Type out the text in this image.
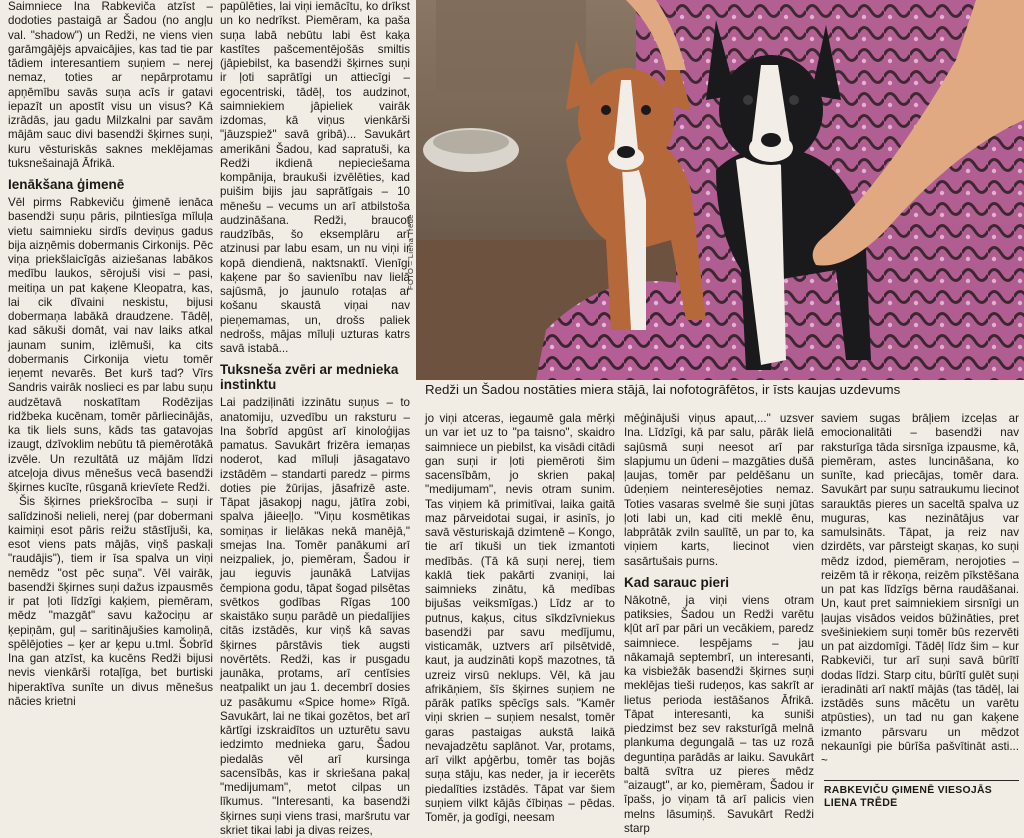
Saimniece Ina Rabkeviča atzīst – dodoties pastaigā ar Šadou (no angļu val. "shadow") un Redži, ne viens vien garāmgājējs apvaicājies, kas tad tie par tādiem interesantiem suņiem – nerej nemaz, toties ar nepārprotamu apņēmību savās suņa acīs ir gatavi iepazīt un apostīt visu un visus? Kā izrādās, jau gadu Milzkalni par savām mājām sauc divi basendži šķirnes suņi, kuru vēsturiskās saknes meklējamas tuksnešainajā Āfrikā.

Ienākšana ģimenē

Vēl pirms Rabkeviču ģimenē ienāca basendži suņu pāris, pilntiesīga mīluļa vietu saimnieku sirdīs deviņus gadus bija aizņēmis dobermanis Cirkonijs. Pēc viņa priekšlaicīgās aiziešanas labākos medību laukos, sērojuši visi – pasi, meitiņa un pat kaķene Kleopatra, kas, lai cik dīvaini neskistu, bijusi dobermaņa labākā draudzene. Tādēļ, kad sākuši domāt, vai nav laiks atkal jaunam sunim, izlēmuši, ka cits dobermanis Cirkonija vietu tomēr ieņemt nevarēs. Bet kurš tad? Vīrs Sandris vairāk noslieci es par labu suņu audzētavā noskatītam Rodēzijas ridžbeka kucēnam, tomēr pārliecinājās, ka tik liels suns, kāds tas gatavojas izaugt, dzīvoklim nebūtu tā piemērotākā izvēle. Un rezultātā uz mājām līdzi atceļoja divus mēnešus vecā basendži šķirnes kucīte, rūsganā krievīete Redži.

Šis šķirnes priekšrocība – suņi ir salīdzinoši nelieli, nerej (par dobermani kaimiņi esot pāris reižu stāstījuši, ka, esot viens pats mājās, viņš paskaļi "raudājis"), tiem ir īsa spalva un viņi nemēdz "ost pēc suņa". Vēl vairāk, basendži šķirnes suņi dažus izpausmēs ir pat ļoti līdzīgi kaķiem, piemēram, mēdz "mazgāt" savu kažociņu ar ķepiņām, guļ – saritinājušies kamoliņā, spēlējoties – ķer ar ķepu u.tml. Šobrīd Ina gan atzīst, ka kucēns Redži bijusi nevis vienkārši rotaļīga, bet burtiski hiperaktīva sunīte un divus mēnešus nācies krietni

papūlēties, lai viņi iemācītu, ko drīkst un ko nedrīkst. Piemēram, ka paša suņa labā nebūtu labi ēst kaķa kastītes pašcementējošās smiltis (jāpiebilst, ka basendži šķirnes suņi ir ļoti saprātīgi un attiecīgi – egocentriski, tādēļ, tos audzinot, saimniekiem jāpieliek vairāk izdomas, kā viņus vienkārši "jāuzspiež" savā gribā)... Savukārt amerikāni Šadou, kad sapratuši, ka Redži ikdienā nepieciešama kompānija, braukuši izvēlēties, kad puišim bijis jau saprātīgais – 10 mēnešu – vecums un arī atbilstoša audzināšana. Redži, braucot raudzībās, šo eksemplāru arī atzinusi par labu esam, un nu viņi ir kopā diendienā, naktsnaktī. Vienīgi kaķene par šo savienību nav lielā sajūsmā, jo jaunulo rotaļas ar košanu skaustā viņai nav pieņemamas, un, drošs paliek nedrošs, mājas mīluļi uzturas katrs savā istabā...

Tuksneša zvēri ar mednieka instinktu

Lai padziļināti izzinātu suņus – to anatomiju, uzvedību un raksturu – Ina šobrīd apgūst arī kinoloģijas pamatus. Savukārt frizēra iemaņas noderot, kad mīluļi jāsagatavo izstādēm – standarti paredz – pirms doties pie žūrijas, jāsafrizē aste. Tāpat jāsakopj nagu, jātīra zobi, spalva jāieeļļo. "Viņu kosmētikas somiņas ir lielākas nekā manējā," smejas Ina. Tomēr panākumi arī neizpaliek, jo, piemēram, Šadou ir jau ieguvis jaunākā Latvijas čempiona godu, tāpat šogad pilsētas svētkos godības Rīgas 100 skaistāko suņu parādē un piedalījies citās izstādēs, kur viņš kā savas šķirnes pārstāvis tiek augsti novērtēts. Redži, kas ir pusgadu jaunāka, protams, arī centīsies neatpalikt un jau 1. decembrī dosies uz pasākumu «Spice home» Rīgā. Savukārt, lai ne tikai gozētos, bet arī kārtīgi izskraidītos un uzturētu savu iedzimto mednieka garu, Šadou piedalās vēl arī kursinga sacensībās, kas ir skriešana pakaļ "medijumam", metot cilpas un līkumus. "Interesanti, ka basendži šķirnes suņi viens trasi, maršrutu var skriet tikai labi ja divas reizes,

FOTO – Liena Trēde
Redži un Šadou nostāties miera stājā, lai nofotogrāfētos, ir īsts kaujas uzdevums

jo viņi atceras, iegaumē gala mērķi un var iet uz to "pa taisno", skaidro saimniece un piebilst, ka visādi citādi gan suņi ir ļoti piemēroti šim sacensībām, jo skrien pakaļ "medijumam", nevis otram sunim. Tas viņiem kā primitīvai, laika gaitā maz pārveidotai sugai, ir asinīs, jo savā vēsturiskajā dzimtenē – Kongo, tie arī tikuši un tiek izmantoti medībās. (Tā kā suņi nerej, tiem kaklā tiek pakārti zvaniņi, lai saimnieks zinātu, kā medības bijušas veiksmīgas.) Līdz ar to putnus, kaķus, citus sīkdzīvniekus basendži par savu medījumu, visticamāk, uztvers arī pilsētvidē, kaut, ja audzināti kopš mazotnes, tā uzreiz virsū neklups. Vēl, kā jau afrikāņiem, šīs šķirnes suņiem ne pārāk patīks spēcīgs sals. "Kamēr viņi skrien – suņiem nesalst, tomēr garas pastaigas aukstā laikā nevajadzētu saplānot. Var, protams, arī vilkt apģērbu, tomēr tas bojās suņa stāju, kas neder, ja ir iecerēts piedalīties izstādēs. Tāpat var šiem suņiem vilkt kājās čībiņas – pēdas. Tomēr, ja godīgi, neesam

mēģinājuši viņus apaut,..." uzsver Ina. Līdzīgi, kā par salu, pārāk lielā sajūsmā suņi neesot arī par slapjumu un ūdeni – mazgāties dušā ļaujas, tomēr par peldēšanu un ūdeņiem neinteresējoties nemaz. Toties vasaras svelmē šie suņi jūtas ļoti labi un, kad citi meklē ēnu, labprātāk zviln saulītē, un par to, ka viņiem karts, liecinot vien sasārtušais purns.

Kad sarauc pieri

Nākotnē, ja viņi viens otram patiksies, Šadou un Redži varētu kļūt arī par pāri un vecākiem, paredz saimniece. Iespējams – jau nākamajā septembrī, un interesanti, ka visbiežāk basendži šķirnes suņi meklējas tieši rudeņos, kas sakrīt ar lietus perioda iestāšanos Āfrikā. Tāpat interesanti, ka suniši piedzimst bez sev raksturīgā melnā plankuma degungalā – tas uz rozā deguntiņa parādās ar laiku. Savukārt baltā svītra uz pieres mēdz "aizaugt", ar ko, piemēram, Šadou ir īpašs, jo viņam tā arī palicis vien melns lāsumiņš. Savukārt Redži starp

saviem sugas brāļiem izceļas ar emocionalitāti – basendži nav raksturīga tāda sirsnīga izpausme, kā, piemēram, astes luncināšana, ko sunīte, kad priecājas, tomēr dara. Savukārt par suņu satraukumu liecinot sarauktās pieres un saceltā spalva uz muguras, kas nezinātājus var samulsināts. Tāpat, ja reiz nav dzirdēts, var pārsteigt skaņas, ko suņi mēdz izdod, piemēram, nerojoties – reizēm tā ir rēkoņa, reizēm pīkstēšana un pat kas līdzīgs bērna raudāšanai. Un, kaut pret saimniekiem sirsnīgi un ļaujas visādos veidos būžināties, pret svešiniekiem suņi tomēr būs rezervēti un pat aizdomīgi. Tādēļ līdz šim – kur Rabkeviči, tur arī suņi savā būrītī dodas līdzi. Starp citu, būrītī gulēt suņi ieradināti arī naktī mājās (tas tādēļ, lai izstādēs suns mācētu un varētu atpūsties), un tad nu gan kaķene izmanto pārsvaru un mēdzot nekaunīgi pie būrīša pašvītināt asti... ~

RABKEVIČU ĢIMENĒ VIESOJĀS
LIENA TRĒDE
